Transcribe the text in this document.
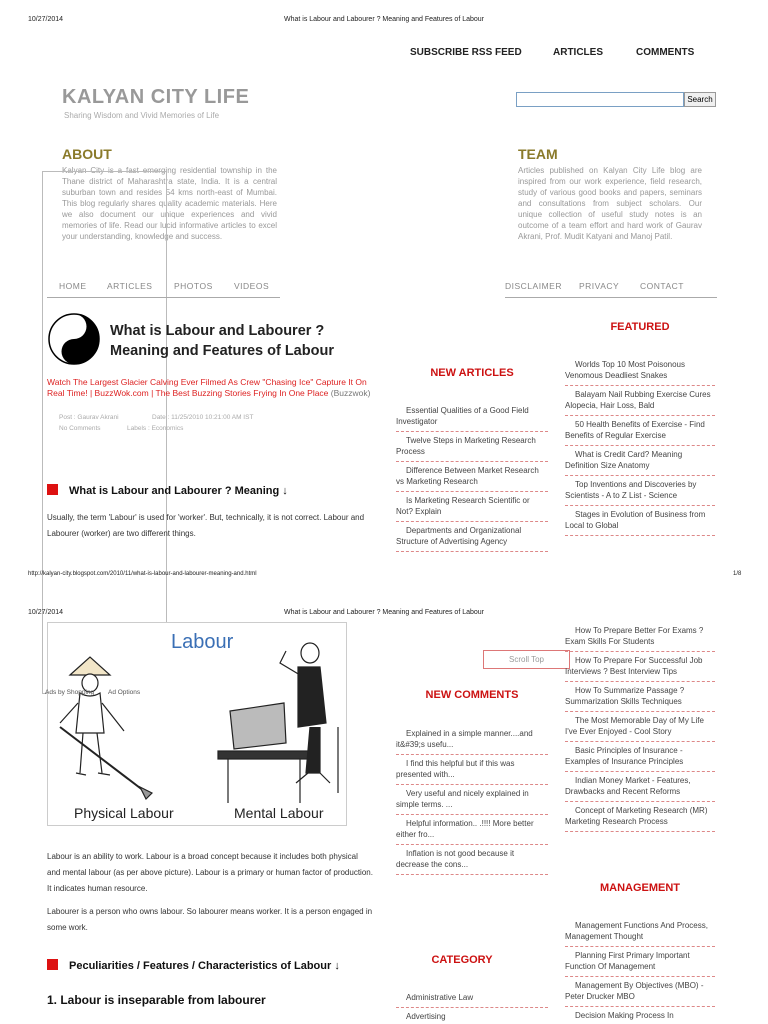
10/27/2014	What is Labour and Labourer ? Meaning and Features of Labour
SUBSCRIBE RSS FEED	ARTICLES	COMMENTS
KALYAN CITY LIFE
Sharing Wisdom and Vivid Memories of Life
Search
ABOUT
Kalyan City is a fast emerging residential township in the Thane district of Maharashtra state, India. It is a central suburban town and resides 54 kms north-east of Mumbai. This blog regularly shares quality academic materials. Here we also document our unique experiences and vivid memories of life. Read our lucid informative articles to excel your understanding, knowledge and success.
TEAM
Articles published on Kalyan City Life blog are inspired from our work experience, field research, study of various good books and papers, seminars and consultations from subject scholars. Our unique collection of useful study notes is an outcome of a team effort and hard work of Gaurav Akrani, Prof. Mudit Katyani and Manoj Patil.
HOME ARTICLES	PHOTOS	VIDEOS	DISCLAIMER PRIVACY CONTACT
What is Labour and Labourer ? Meaning and Features of Labour
Watch The Largest Glacier Calving Ever Filmed As Crew "Chasing Ice" Capture It On Real Time! | BuzzWok.com | The Best Buzzing Stories Frying In One Place (Buzzwok)
Post : Gaurav Akrani	Date : 11/25/2010 10:21:00 AM IST
No Comments	Labels : Economics
What is Labour and Labourer ? Meaning ↓
Usually, the term 'Labour' is used for 'worker'. But, technically, it is not correct. Labour and Labourer (worker) are two different things.
NEW ARTICLES
Essential Qualities of a Good Field Investigator
Twelve Steps in Marketing Research Process
Difference Between Market Research vs Marketing Research
Is Marketing Research Scientific or Not? Explain
Departments and Organizational Structure of Advertising Agency
FEATURED
Worlds Top 10 Most Poisonous Venomous Deadliest Snakes
Balayam Nail Rubbing Exercise Cures Alopecia, Hair Loss, Bald
50 Health Benefits of Exercise - Find Benefits of Regular Exercise
What is Credit Card? Meaning Definition Size Anatomy
Top Inventions and Discoveries by Scientists - A to Z List - Science
Stages in Evolution of Business from Local to Global
http://kalyan-city.blogspot.com/2010/11/what-is-labour-and-labourer-meaning-and.html	1/8
10/27/2014	What is Labour and Labourer ? Meaning and Features of Labour
Labour
Physical Labour	Mental Labour
Ads by Shopping Ad Options
Labour is an ability to work. Labour is a broad concept because it includes both physical and mental labour (as per above picture). Labour is a primary or human factor of production. It indicates human resource.
Labourer is a person who owns labour. So labourer means worker. It is a person engaged in some work.
Peculiarities / Features / Characteristics of Labour ↓
1. Labour is inseparable from labourer
Scroll Top
NEW COMMENTS
Explained in a simple manner....and it&#39;s usefu...
I find this helpful but if this was presented with...
Very useful and nicely explained in simple terms. ...
Helpful information.. .!!!! More better either fro...
Inflation is not good because it decrease the cons...
CATEGORY
Administrative Law
Advertising
How To Prepare Better For Exams ? Exam Skills For Students
How To Prepare For Successful Job Interviews ? Best Interview Tips
How To Summarize Passage ? Summarization Skills Techniques
The Most Memorable Day of My Life I've Ever Enjoyed - Cool Story
Basic Principles of Insurance - Examples of Insurance Principles
Indian Money Market - Features, Drawbacks and Recent Reforms
Concept of Marketing Research (MR) Marketing Research Process
MANAGEMENT
Management Functions And Process, Management Thought
Planning First Primary Important Function Of Management
Management By Objectives (MBO) - Peter Drucker MBO
Decision Making Process In
